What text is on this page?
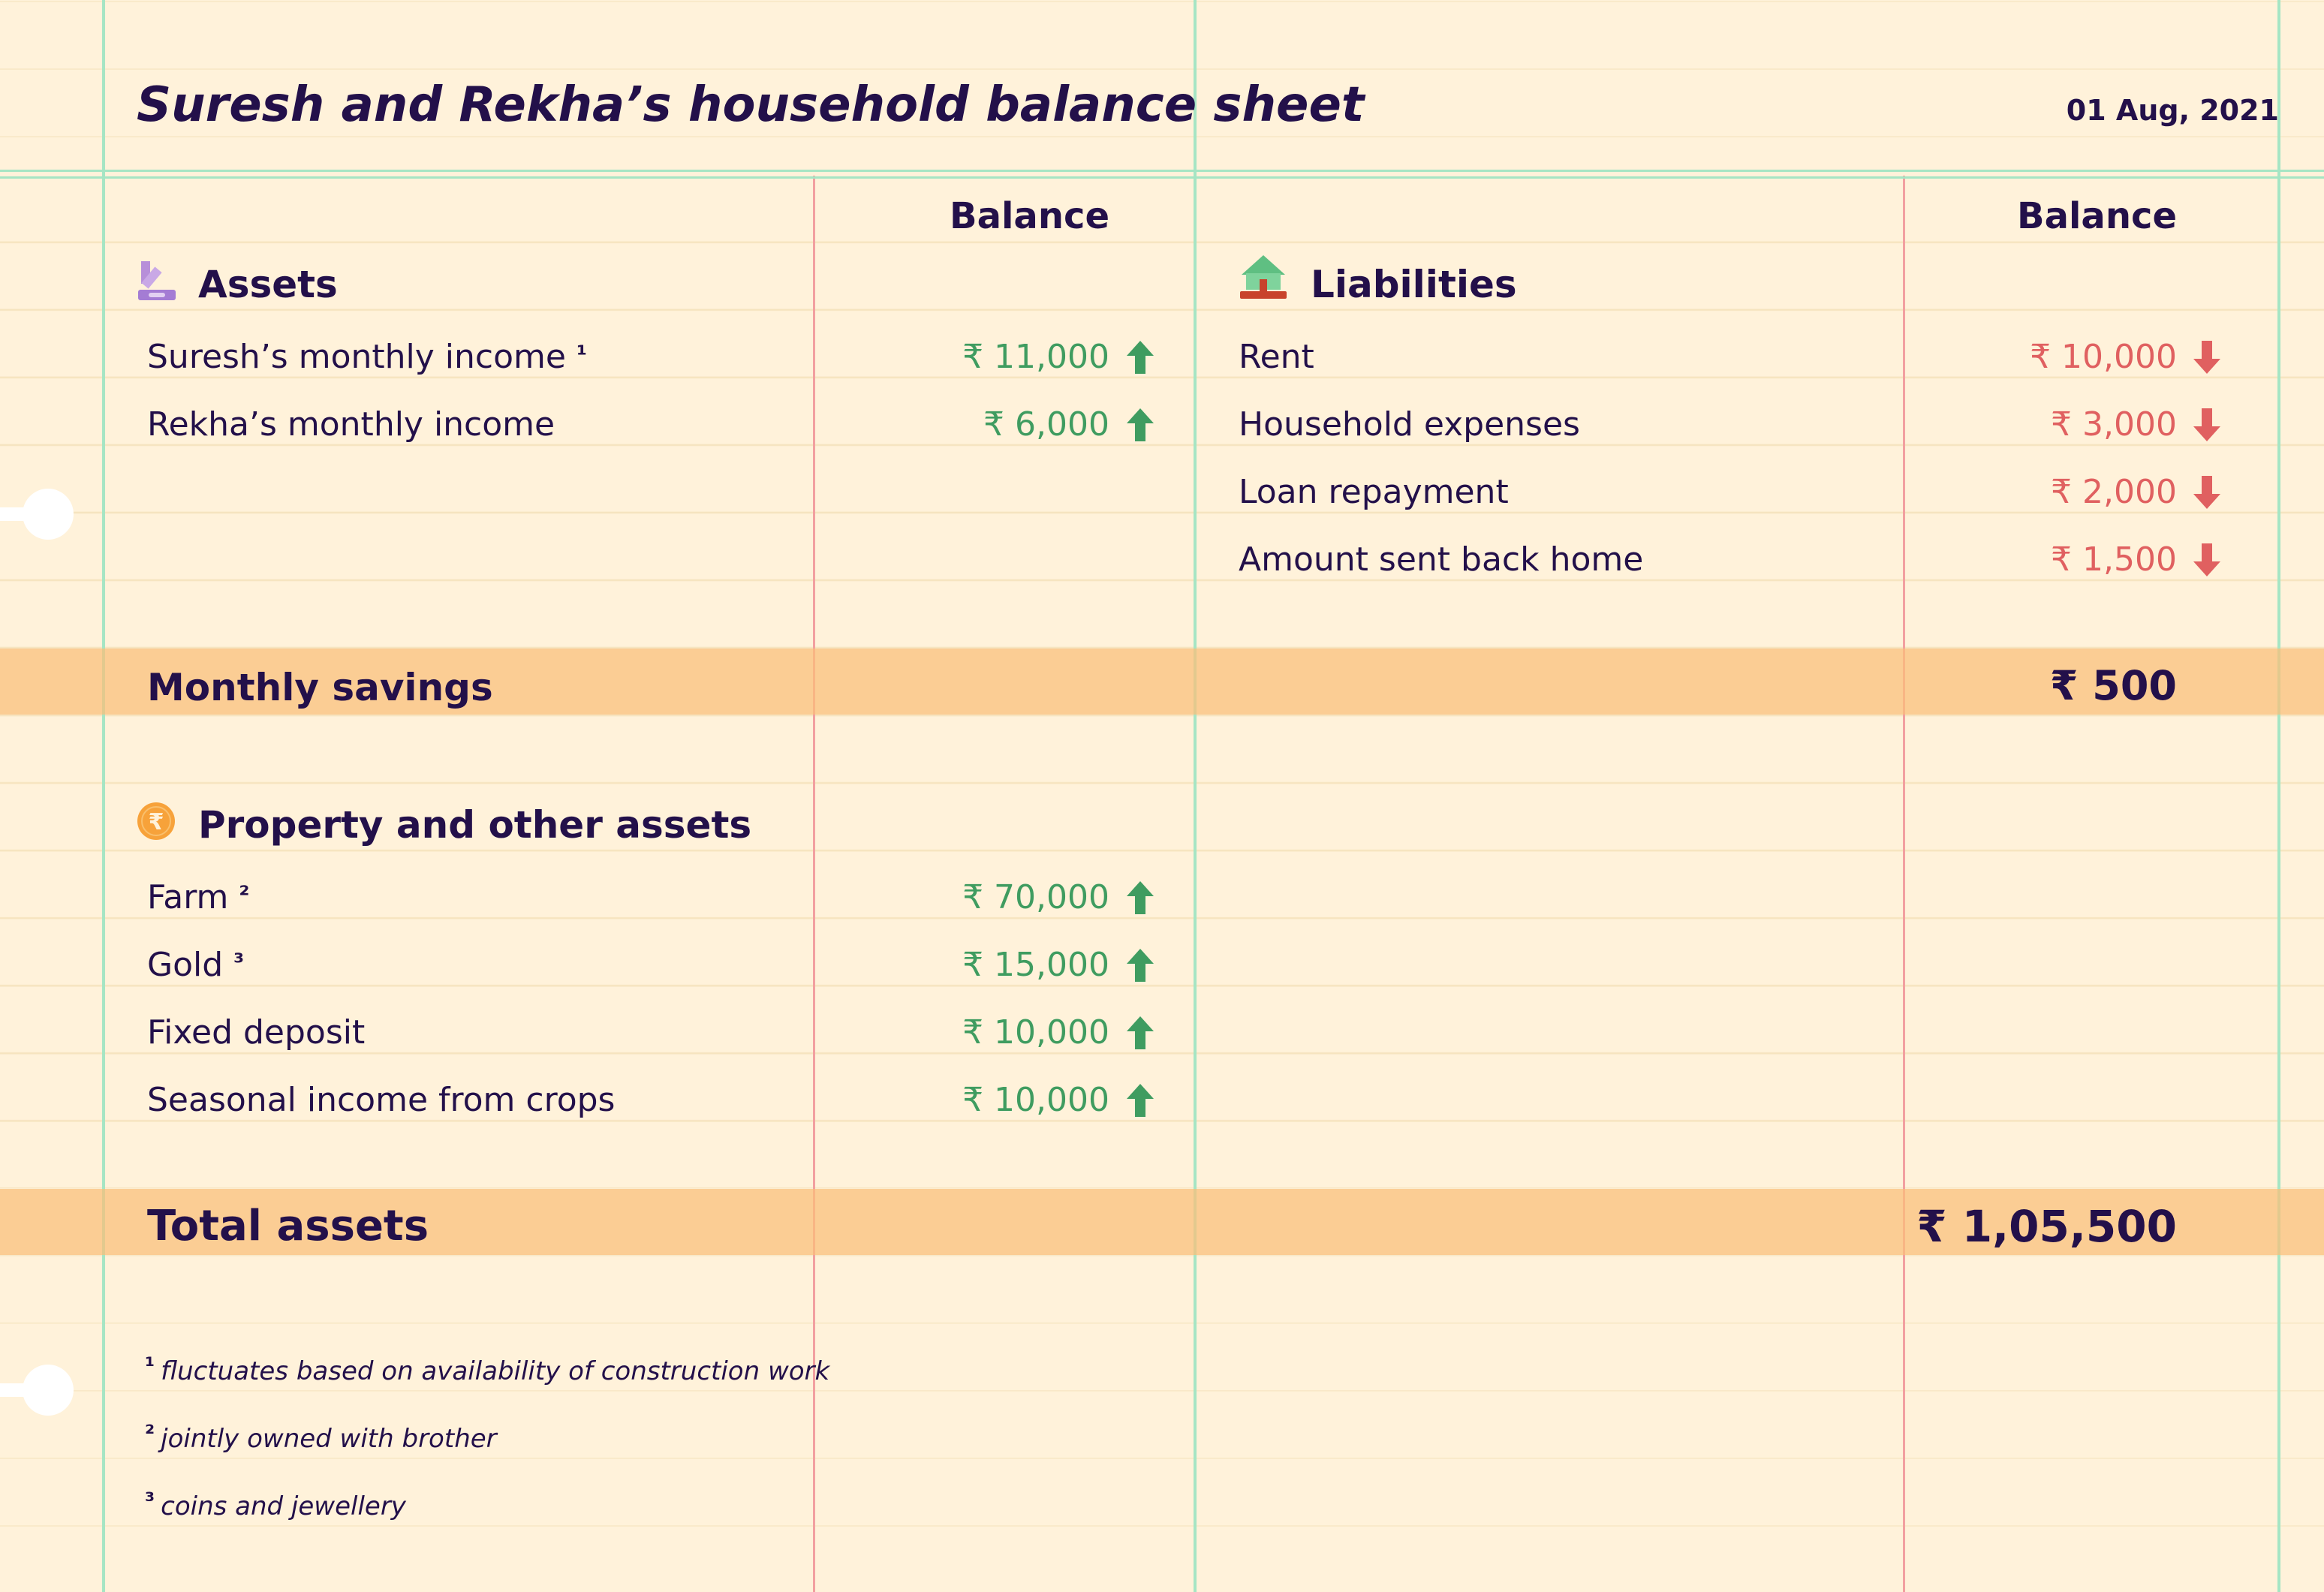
Suresh and Rekha’s household balance sheet	01 Aug, 2021
Balance	Balance
Assets
Suresh’s monthly income $^{^1}$	₹ 11,000
Rekha’s monthly income	₹ 6,000
Liabilities
Rent	₹ 10,000
Household expenses	₹ 3,000
Loan repayment	₹ 2,000
Amount sent back home	₹ 1,500
Monthly savings	₹ 500
₹ Property and other assets
Farm $^{^2}$	₹ 70,000
Gold $^{^3}$	₹ 15,000
Fixed deposit	₹ 10,000
Seasonal income from crops	₹ 10,000
Total assets	₹ 1,05,500
¹ fluctuates based on availability of construction work
² jointly owned with brother
³ coins and jewellery
